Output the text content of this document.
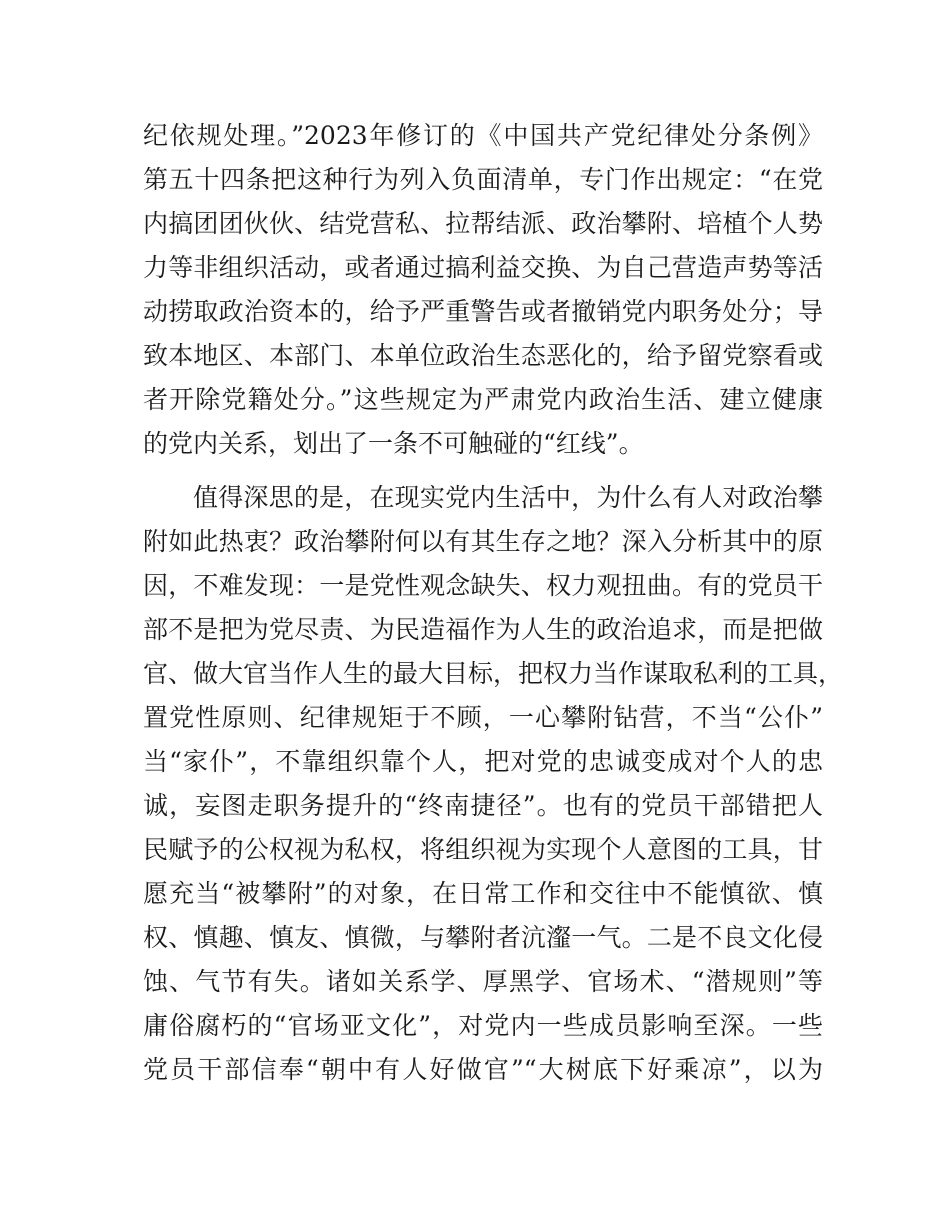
纪依规处理。”2023年修订的《中国共产党纪律处分条例》
第五十四条把这种行为列入负面清单，专门作出规定：“在党
内搞团团伙伙、结党营私、拉帮结派、政治攀附、培植个人势
力等非组织活动，或者通过搞利益交换、为自己营造声势等活
动捞取政治资本的，给予严重警告或者撤销党内职务处分；导
致本地区、本部门、本单位政治生态恶化的，给予留党察看或
者开除党籍处分。”这些规定为严肃党内政治生活、建立健康
的党内关系，划出了一条不可触碰的“红线”。
值得深思的是，在现实党内生活中，为什么有人对政治攀
附如此热衷？政治攀附何以有其生存之地？深入分析其中的原
因，不难发现：一是党性观念缺失、权力观扭曲。有的党员干
部不是把为党尽责、为民造福作为人生的政治追求，而是把做
官、做大官当作人生的最大目标，把权力当作谋取私利的工具，
置党性原则、纪律规矩于不顾，一心攀附钻营，不当“公仆”
当“家仆”，不靠组织靠个人，把对党的忠诚变成对个人的忠
诚，妄图走职务提升的“终南捷径”。也有的党员干部错把人
民赋予的公权视为私权，将组织视为实现个人意图的工具，甘
愿充当“被攀附”的对象，在日常工作和交往中不能慎欲、慎
权、慎趣、慎友、慎微，与攀附者沆瀣一气。二是不良文化侵
蚀、气节有失。诸如关系学、厚黑学、官场术、“潜规则”等
庸俗腐朽的“官场亚文化”，对党内一些成员影响至深。一些
党员干部信奉“朝中有人好做官”“大树底下好乘凉”，以为
